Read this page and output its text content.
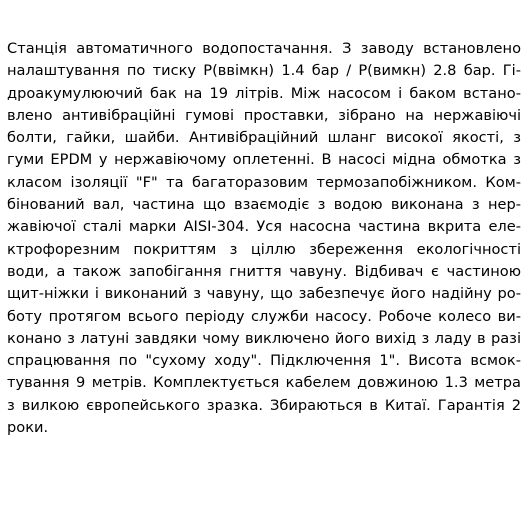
Станція автоматичного водопостачання. З заводу встановлено
налаштування по тиску Р(ввімкн) 1.4 бар / Р(вимкн) 2.8 бар. Гі-
дроакумулюючий бак на 19 літрів. Між насосом і баком встано-
влено антивібраційні гумові проставки, зібрано на нержавіючі
болти, гайки, шайби. Антивібраційний шланг високої якості, з
гуми EPDM у нержавіючому оплетенні. В насосі мідна обмотка з
класом ізоляції "F" та багаторазовим термозапобіжником. Ком-
бінований вал, частина що взаємодіє з водою виконана з нер-
жавіючої сталі марки AISI-304. Уся насосна частина вкрита еле-
ктрофорезним покриттям з ціллю збереження екологічності
води, а також запобігання гниття чавуну. Відбивач є частиною
щит-ніжки і виконаний з чавуну, що забезпечує його надійну ро-
боту протягом всього періоду служби насосу. Робоче колесо ви-
конано з латуні завдяки чому виключено його вихід з ладу в разі
спрацювання по "сухому ходу". Підключення 1". Висота всмок-
тування 9 метрів. Комплектується кабелем довжиною 1.3 метра
з вилкою європейського зразка. Збираються в Китаї. Гарантія 2
роки.
